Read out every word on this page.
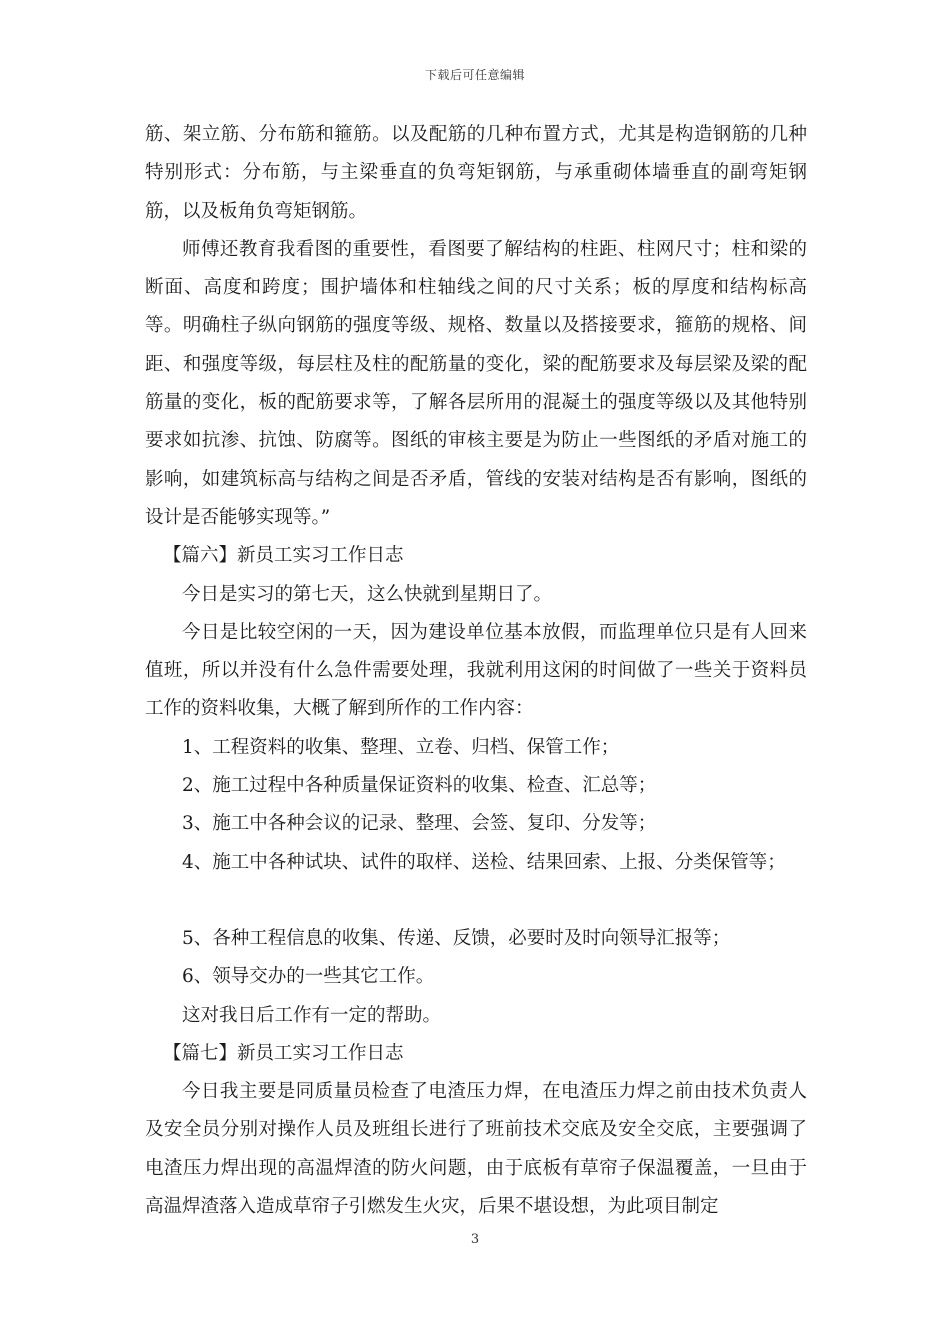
下载后可任意编辑

筋、架立筋、分布筋和箍筋。以及配筋的几种布置方式，尤其是构造钢筋的几种特别形式：分布筋，与主梁垂直的负弯矩钢筋，与承重砌体墙垂直的副弯矩钢筋，以及板角负弯矩钢筋。

师傅还教育我看图的重要性，看图要了解结构的柱距、柱网尺寸；柱和梁的断面、高度和跨度；围护墙体和柱轴线之间的尺寸关系；板的厚度和结构标高等。明确柱子纵向钢筋的强度等级、规格、数量以及搭接要求，箍筋的规格、间距、和强度等级，每层柱及柱的配筋量的变化，梁的配筋要求及每层梁及梁的配筋量的变化，板的配筋要求等，了解各层所用的混凝土的强度等级以及其他特别要求如抗渗、抗蚀、防腐等。图纸的审核主要是为防止一些图纸的矛盾对施工的影响，如建筑标高与结构之间是否矛盾，管线的安装对结构是否有影响，图纸的设计是否能够实现等。”

【篇六】新员工实习工作日志

今日是实习的第七天，这么快就到星期日了。

今日是比较空闲的一天，因为建设单位基本放假，而监理单位只是有人回来值班，所以并没有什么急件需要处理，我就利用这闲的时间做了一些关于资料员工作的资料收集，大概了解到所作的工作内容：

1、工程资料的收集、整理、立卷、归档、保管工作；

2、施工过程中各种质量保证资料的收集、检查、汇总等；

3、施工中各种会议的记录、整理、会签、复印、分发等；

4、施工中各种试块、试件的取样、送检、结果回索、上报、分类保管等；

5、各种工程信息的收集、传递、反馈，必要时及时向领导汇报等；

6、领导交办的一些其它工作。

这对我日后工作有一定的帮助。

【篇七】新员工实习工作日志

今日我主要是同质量员检查了电渣压力焊，在电渣压力焊之前由技术负责人及安全员分别对操作人员及班组长进行了班前技术交底及安全交底，主要强调了电渣压力焊出现的高温焊渣的防火问题，由于底板有草帘子保温覆盖，一旦由于高温焊渣落入造成草帘子引燃发生火灾，后果不堪设想，为此项目制定

3
